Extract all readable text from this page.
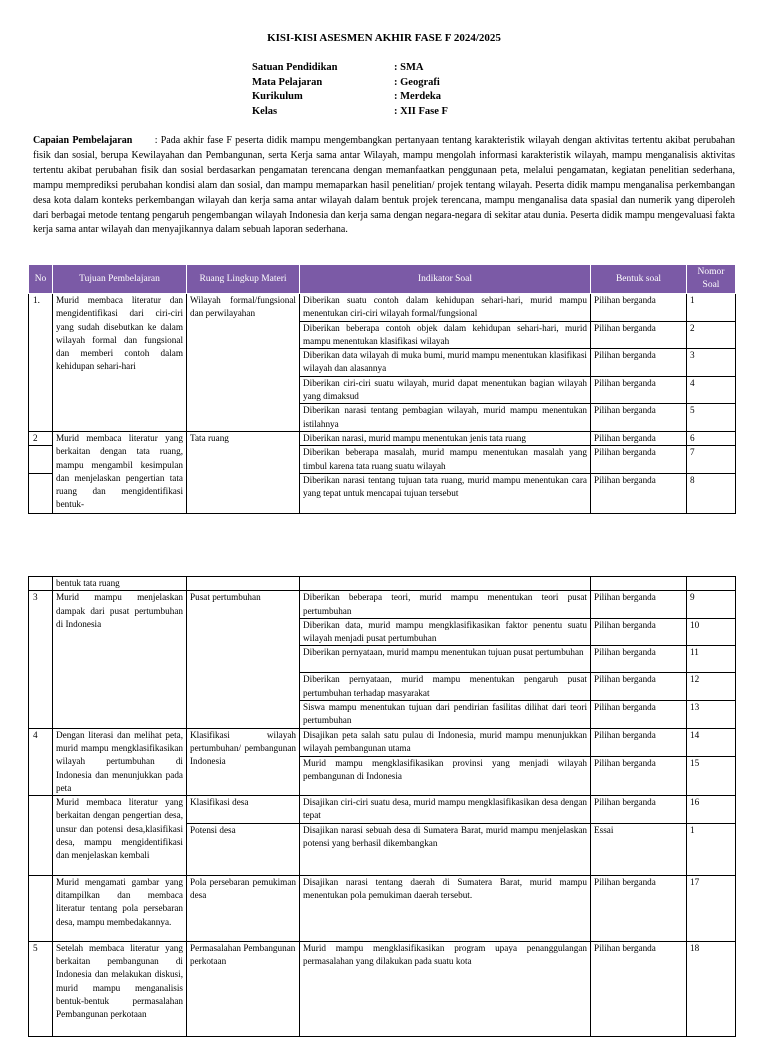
KISI-KISI ASESMEN AKHIR FASE F 2024/2025
Satuan Pendidikan	: SMA
Mata Pelajaran	: Geografi
Kurikulum	: Merdeka
Kelas	: XII Fase F
Capaian Pembelajaran : Pada akhir fase F peserta didik mampu mengembangkan pertanyaan tentang karakteristik wilayah dengan aktivitas tertentu akibat perubahan fisik dan sosial, berupa Kewilayahan dan Pembangunan, serta Kerja sama antar Wilayah, mampu mengolah informasi karakteristik wilayah, mampu menganalisis aktivitas tertentu akibat perubahan fisik dan sosial berdasarkan pengamatan terencana dengan memanfaatkan penggunaan peta, melalui pengamatan, kegiatan penelitian sederhana, mampu memprediksi perubahan kondisi alam dan sosial, dan mampu memaparkan hasil penelitian/ projek tentang wilayah. Peserta didik mampu menganalisa perkembangan desa kota dalam konteks perkembangan wilayah dan kerja sama antar wilayah dalam bentuk projek terencana, mampu menganalisa data spasial dan numerik yang diperoleh dari berbagai metode tentang pengaruh pengembangan wilayah Indonesia dan kerja sama dengan negara-negara di sekitar atau dunia. Peserta didik mampu mengevaluasi fakta kerja sama antar wilayah dan menyajikannya dalam sebuah laporan sederhana.
No	Tujuan Pembelajaran	Ruang Lingkup Materi	Indikator Soal	Bentuk soal	Nomor Soal
1.	Murid membaca literatur dan mengidentifikasi dari ciri-ciri yang sudah disebutkan ke dalam wilayah formal dan fungsional dan memberi contoh dalam kehidupan sehari-hari	Wilayah formal/fungsional dan perwilayahan	Diberikan suatu contoh dalam kehidupan sehari-hari, murid mampu menentukan ciri-ciri wilayah formal/fungsional	Pilihan berganda	1
			Diberikan beberapa contoh objek dalam kehidupan sehari-hari, murid mampu menentukan klasifikasi wilayah	Pilihan berganda	2
			Diberikan data wilayah di muka bumi, murid mampu menentukan klasifikasi wilayah dan alasannya	Pilihan berganda	3
			Diberikan ciri-ciri suatu wilayah, murid dapat menentukan bagian wilayah yang dimaksud	Pilihan berganda	4
			Diberikan narasi tentang pembagian wilayah, murid mampu menentukan istilahnya	Pilihan berganda	5
2	Murid membaca literatur yang berkaitan dengan tata ruang, mampu mengambil kesimpulan dan menjelaskan pengertian tata ruang dan mengidentifikasi bentuk-	Tata ruang	Diberikan narasi, murid mampu menentukan jenis tata ruang	Pilihan berganda	6
			Diberikan beberapa masalah, murid mampu menentukan masalah yang timbul karena tata ruang suatu wilayah	Pilihan berganda	7
			Diberikan narasi tentang tujuan tata ruang, murid mampu menentukan cara yang tepat untuk mencapai tujuan tersebut	Pilihan berganda	8
	bentuk tata ruang				
3	Murid mampu menjelaskan dampak dari pusat pertumbuhan di Indonesia	Pusat pertumbuhan	Diberikan beberapa teori, murid mampu menentukan teori pusat pertumbuhan	Pilihan berganda	9
			Diberikan data, murid mampu mengklasifikasikan faktor penentu suatu wilayah menjadi pusat pertumbuhan	Pilihan berganda	10
			Diberikan pernyataan, murid mampu menentukan tujuan pusat pertumbuhan	Pilihan berganda	11
			Diberikan pernyataan, murid mampu menentukan pengaruh pusat pertumbuhan terhadap masyarakat	Pilihan berganda	12
			Siswa mampu menentukan tujuan dari pendirian fasilitas dilihat dari teori pertumbuhan	Pilihan berganda	13
4	Dengan literasi dan melihat peta, murid mampu mengklasifikasikan wilayah pertumbuhan di Indonesia dan menunjukkan pada peta	Klasifikasi wilayah pertumbuhan/ pembangunan Indonesia	Disajikan peta salah satu pulau di Indonesia, murid mampu menunjukkan wilayah pembangunan utama	Pilihan berganda	14
			Murid mampu mengklasifikasikan provinsi yang menjadi wilayah pembangunan di Indonesia	Pilihan berganda	15
	Murid membaca literatur yang berkaitan dengan pengertian desa, unsur dan potensi desa,klasifikasi desa, mampu mengidentifikasi dan menjelaskan kembali	Klasifikasi desa	Disajikan ciri-ciri suatu desa, murid mampu mengklasifikasikan desa dengan tepat	Pilihan berganda	16
		Potensi desa	Disajikan narasi sebuah desa di Sumatera Barat, murid mampu menjelaskan potensi yang berhasil dikembangkan	Essai	1
	Murid mengamati gambar yang ditampilkan dan membaca literatur tentang pola persebaran desa, mampu membedakannya.	Pola persebaran pemukiman desa	Disajikan narasi tentang daerah di Sumatera Barat, murid mampu menentukan pola pemukiman daerah tersebut.	Pilihan berganda	17
5	Setelah membaca literatur yang berkaitan pembangunan di Indonesia dan melakukan diskusi, murid mampu menganalisis bentuk-bentuk permasalahan Pembangunan perkotaan	Permasalahan Pembangunan perkotaan	Murid mampu mengklasifikasikan program upaya penanggulangan permasalahan yang dilakukan pada suatu kota	Pilihan berganda	18
